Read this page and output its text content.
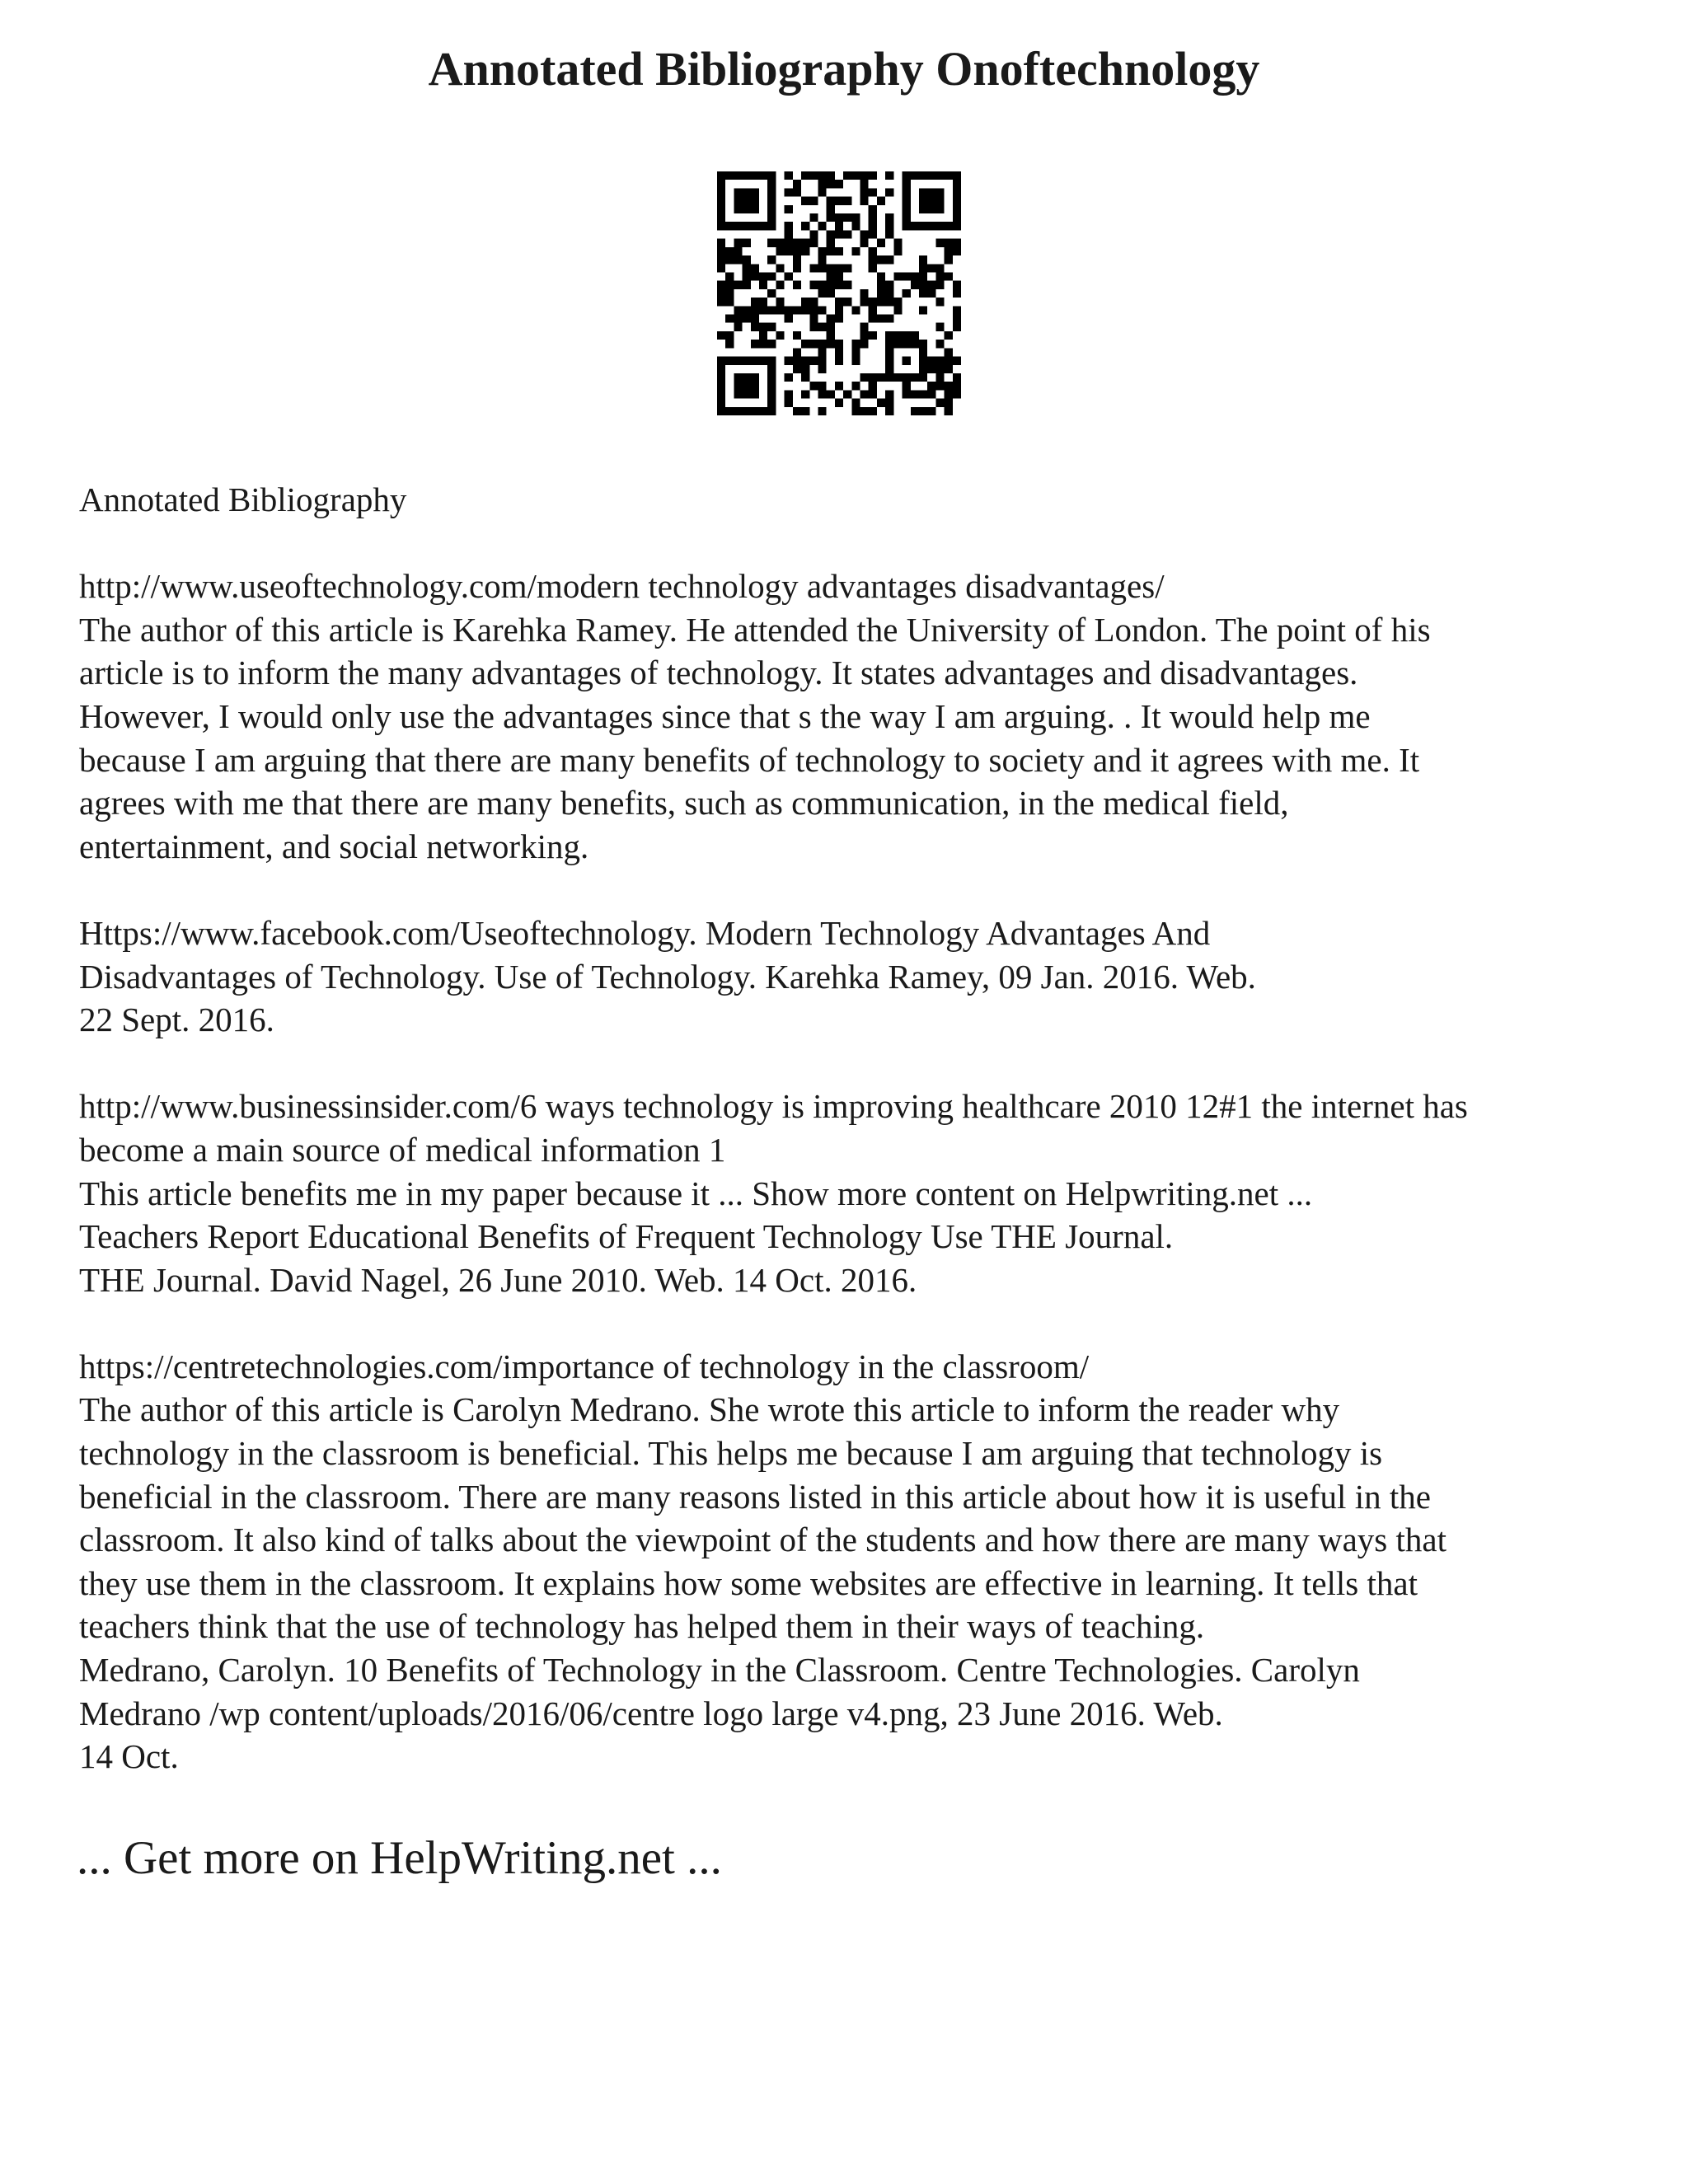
Annotated Bibliography Onoftechnology

Annotated Bibliography

http://www.useoftechnology.com/modern technology advantages disadvantages/

The author of this article is Karehka Ramey. He attended the University of London. The point of his

article is to inform the many advantages of technology. It states advantages and disadvantages.

However, I would only use the advantages since that s the way I am arguing. . It would help me

because I am arguing that there are many benefits of technology to society and it agrees with me. It

agrees with me that there are many benefits, such as communication, in the medical field,

entertainment, and social networking.

Https://www.facebook.com/Useoftechnology. Modern Technology Advantages And

Disadvantages of Technology. Use of Technology. Karehka Ramey, 09 Jan. 2016. Web.

22 Sept. 2016.

http://www.businessinsider.com/6 ways technology is improving healthcare 2010 12#1 the internet has

become a main source of medical information 1

This article benefits me in my paper because it ... Show more content on Helpwriting.net ...

Teachers Report Educational Benefits of Frequent Technology Use THE Journal.

THE Journal. David Nagel, 26 June 2010. Web. 14 Oct. 2016.

https://centretechnologies.com/importance of technology in the classroom/

The author of this article is Carolyn Medrano. She wrote this article to inform the reader why

technology in the classroom is beneficial. This helps me because I am arguing that technology is

beneficial in the classroom. There are many reasons listed in this article about how it is useful in the

classroom. It also kind of talks about the viewpoint of the students and how there are many ways that

they use them in the classroom. It explains how some websites are effective in learning. It tells that

teachers think that the use of technology has helped them in their ways of teaching.

Medrano, Carolyn. 10 Benefits of Technology in the Classroom. Centre Technologies. Carolyn

Medrano /wp content/uploads/2016/06/centre logo large v4.png, 23 June 2016. Web.

14 Oct.

... Get more on HelpWriting.net ...
